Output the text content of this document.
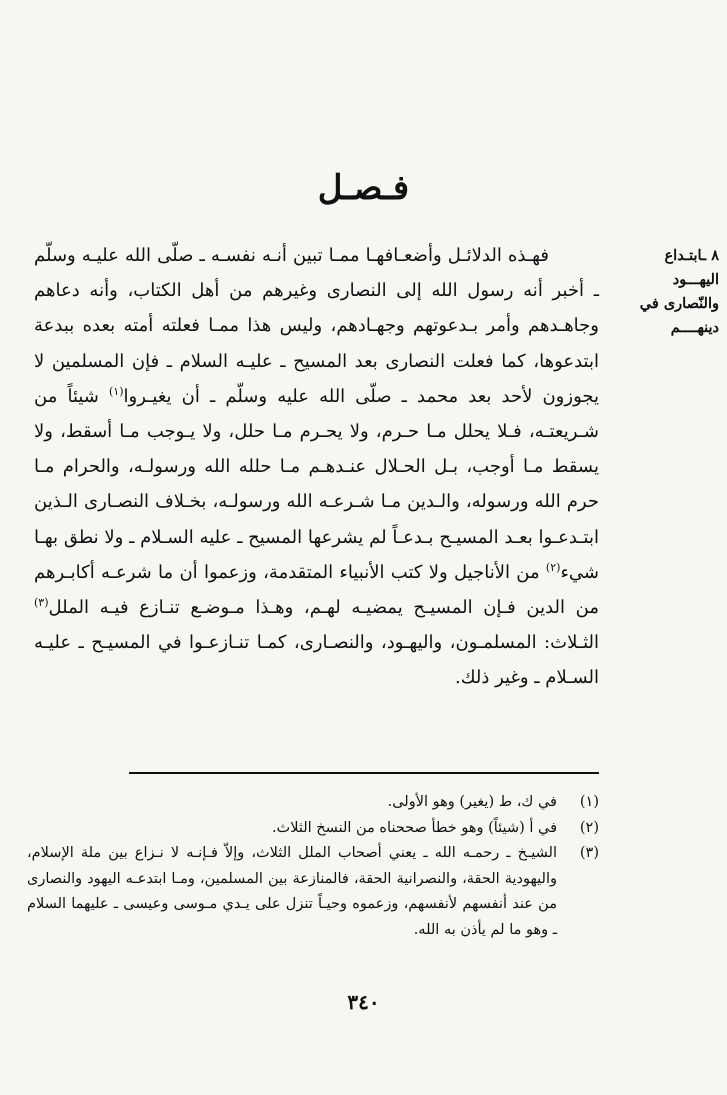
فـصـل
٨ ـابتـداع
اليهـــود
والنّصارى في
دينهــــم

فهـذه الدلائـل وأضعـافهـا ممـا تبين أنـه نفسـه ـ صلّى الله عليـه وسلّم ـ أخبر أنه رسول الله إلى النصارى وغيرهم من أهل الكتاب، وأنه دعاهم وجاهـدهم وأمر بـدعوتهم وجهـادهم، وليس هذا ممـا فعلته أمته بعده ببدعة ابتدعوها، كما فعلت النصارى بعد المسيح ـ عليـه السلام ـ فإن المسلمين لا يجوزون لأحد بعد محمد ـ صلّى الله عليه وسلّم ـ أن يغيـروا$^{(١)}$ شيئاً من شـريعتـه، فـلا يحلل مـا حـرم، ولا يحـرم مـا حلل، ولا يـوجب مـا أسقط، ولا يسقط مـا أوجب، بـل الحـلال عنـدهـم مـا حلله الله ورسولـه، والحرام مـا حرم الله ورسوله، والـدين مـا شـرعـه الله ورسولـه، بخـلاف النصـارى الـذين ابتـدعـوا بعـد المسيـح بـدعـاً لم يشرعها المسيح ـ عليه السـلام ـ ولا نطق بهـا شيء$^{(٢)}$ من الأناجيل ولا كتب الأنبياء المتقدمة، وزعموا أن ما شرعـه أكابـرهم من الدين فـإن المسيـح يمضيـه لهـم، وهـذا مـوضـع تنـازع فيـه الملل$^{(٣)}$ الثـلاث: المسلمـون، واليهـود، والنصـارى، كمـا تنـازعـوا في المسيـح ـ عليـه السـلام ـ وغير ذلك.

(١)
في ك، ط (يغير) وهو الأولى.
(٢)
في أ (شيئاً) وهو خطأ صححناه من النسخ الثلاث.
(٣)
الشيـخ ـ رحمـه الله ـ يعني أصحاب الملل الثلاث، وإلاّ فـإنـه لا نـزاع بين ملة الإسلام، واليهودية الحقة، والنصرانية الحقة، فالمنازعة بين المسلمين، ومـا ابتدعـه اليهود والنصارى من عند أنفسهم لأنفسهم، وزعموه وحيـاً تنزل على يـدي مـوسى وعيسى ـ عليهما السلام ـ وهو ما لم يأذن به الله.
٣٤٠
